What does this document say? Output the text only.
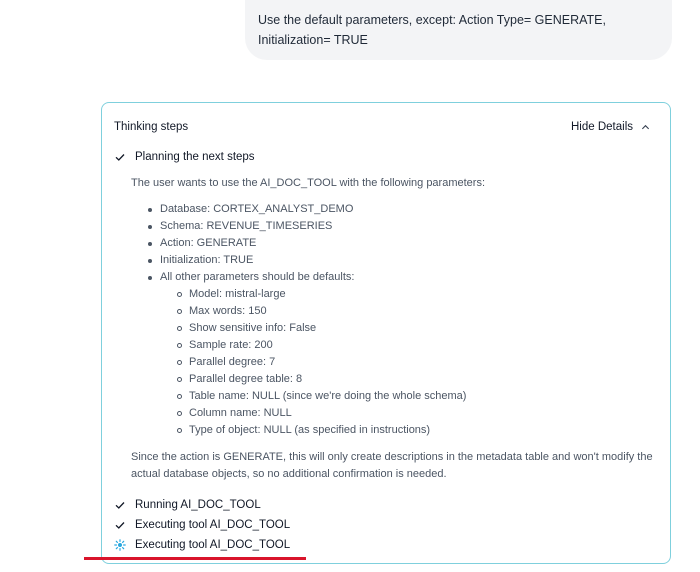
Use the default parameters, except: Action Type= GENERATE,
Initialization= TRUE
Thinking steps	Hide Details
Planning the next steps
The user wants to use the AI_DOC_TOOL with the following parameters:
Database: CORTEX_ANALYST_DEMO
Schema: REVENUE_TIMESERIES
Action: GENERATE
Initialization: TRUE
All other parameters should be defaults:
Model: mistral-large
Max words: 150
Show sensitive info: False
Sample rate: 200
Parallel degree: 7
Parallel degree table: 8
Table name: NULL (since we're doing the whole schema)
Column name: NULL
Type of object: NULL (as specified in instructions)
Since the action is GENERATE, this will only create descriptions in the metadata table and won't modify the
actual database objects, so no additional confirmation is needed.
Running AI_DOC_TOOL
Executing tool AI_DOC_TOOL
Executing tool AI_DOC_TOOL
